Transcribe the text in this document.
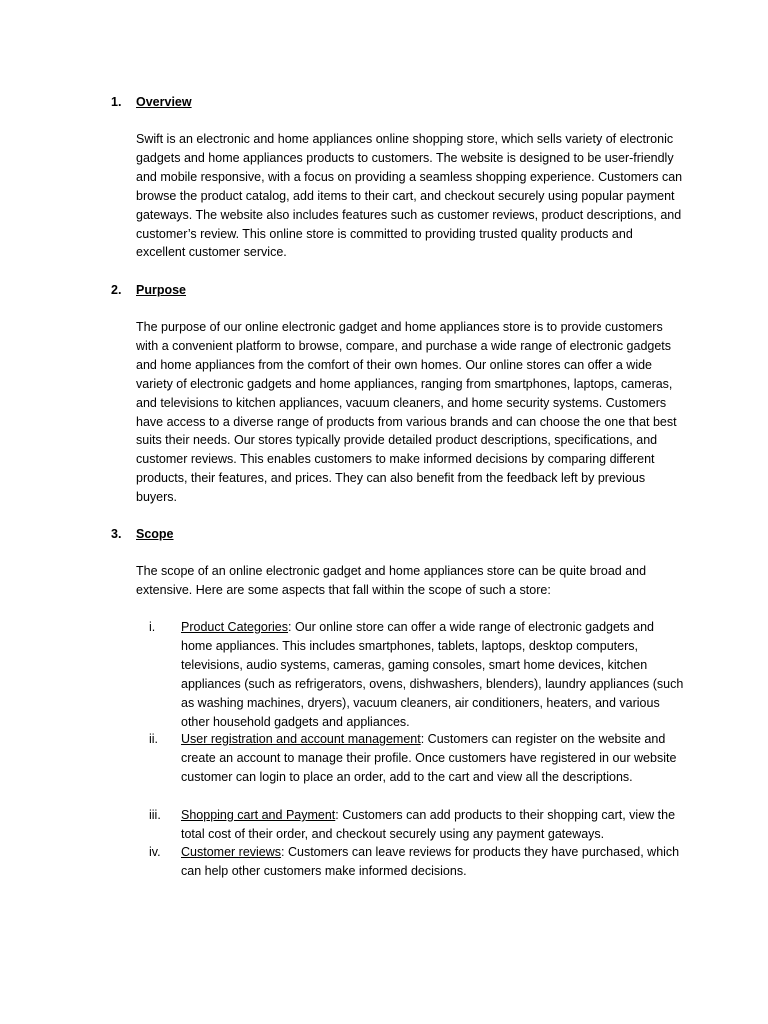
1. Overview

Swift is an electronic and home appliances online shopping store, which sells variety of electronic gadgets and home appliances products to customers. The website is designed to be user-friendly and mobile responsive, with a focus on providing a seamless shopping experience. Customers can browse the product catalog, add items to their cart, and checkout securely using popular payment gateways. The website also includes features such as customer reviews, product descriptions, and customer’s review. This online store is committed to providing trusted quality products and excellent customer service.

2. Purpose

The purpose of our online electronic gadget and home appliances store is to provide customers with a convenient platform to browse, compare, and purchase a wide range of electronic gadgets and home appliances from the comfort of their own homes. Our online stores can offer a wide variety of electronic gadgets and home appliances, ranging from smartphones, laptops, cameras, and televisions to kitchen appliances, vacuum cleaners, and home security systems. Customers have access to a diverse range of products from various brands and can choose the one that best suits their needs. Our stores typically provide detailed product descriptions, specifications, and customer reviews. This enables customers to make informed decisions by comparing different products, their features, and prices. They can also benefit from the feedback left by previous buyers.

3. Scope

The scope of an online electronic gadget and home appliances store can be quite broad and extensive. Here are some aspects that fall within the scope of such a store:

i. Product Categories: Our online store can offer a wide range of electronic gadgets and home appliances. This includes smartphones, tablets, laptops, desktop computers, televisions, audio systems, cameras, gaming consoles, smart home devices, kitchen appliances (such as refrigerators, ovens, dishwashers, blenders), laundry appliances (such as washing machines, dryers), vacuum cleaners, air conditioners, heaters, and various other household gadgets and appliances.
ii. User registration and account management: Customers can register on the website and create an account to manage their profile. Once customers have registered in our website customer can login to place an order, add to the cart and view all the descriptions.
iii. Shopping cart and Payment: Customers can add products to their shopping cart, view the total cost of their order, and checkout securely using any payment gateways.
iv. Customer reviews: Customers can leave reviews for products they have purchased, which can help other customers make informed decisions.
